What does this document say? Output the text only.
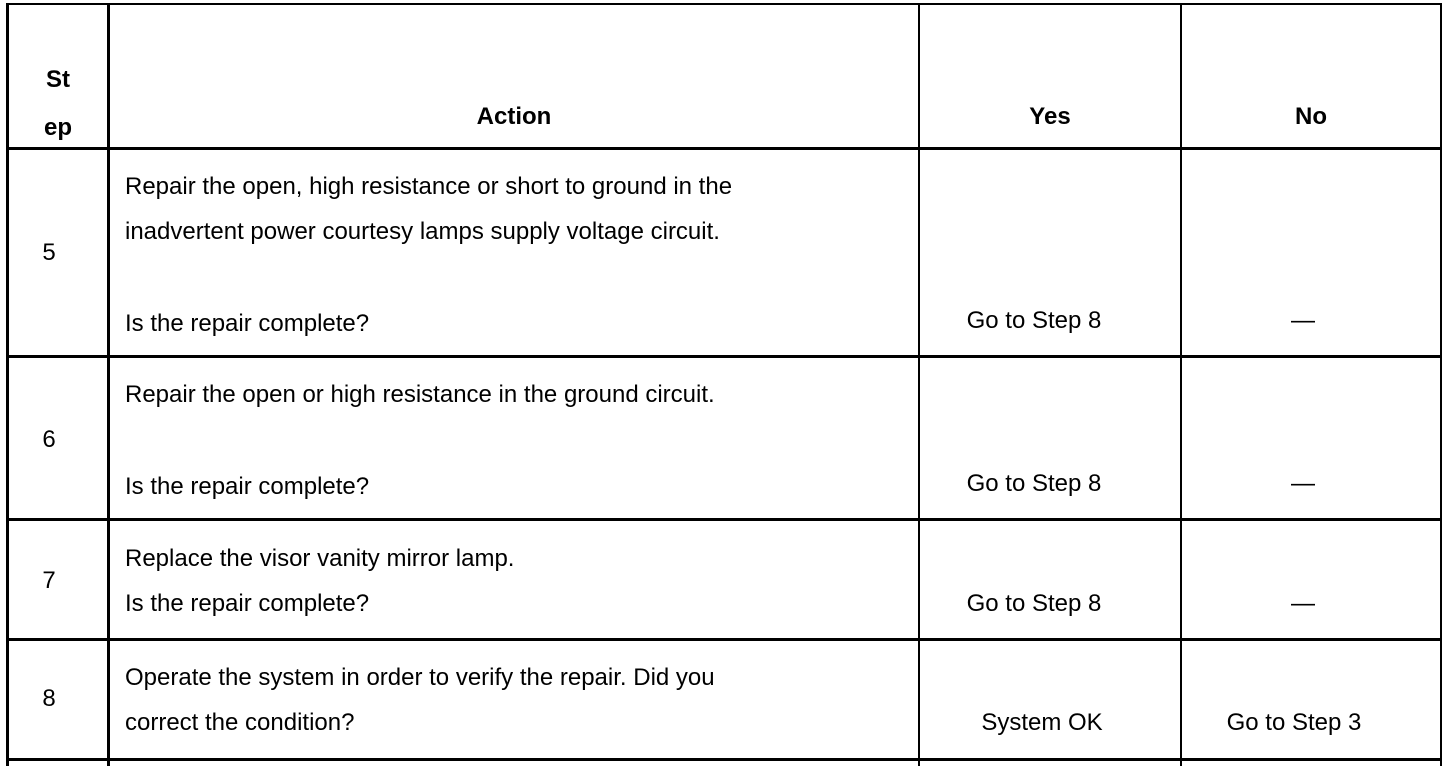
St
ep	Action	Yes	No
5
Repair the open, high resistance or short to ground in the
inadvertent power courtesy lamps supply voltage circuit.
Is the repair complete?	Go to Step 8	—
6
Repair the open or high resistance in the ground circuit.
Is the repair complete?	Go to Step 8	—
7
Replace the visor vanity mirror lamp.
Is the repair complete?	Go to Step 8	—
8
Operate the system in order to verify the repair. Did you
correct the condition?	System OK	Go to Step 3
